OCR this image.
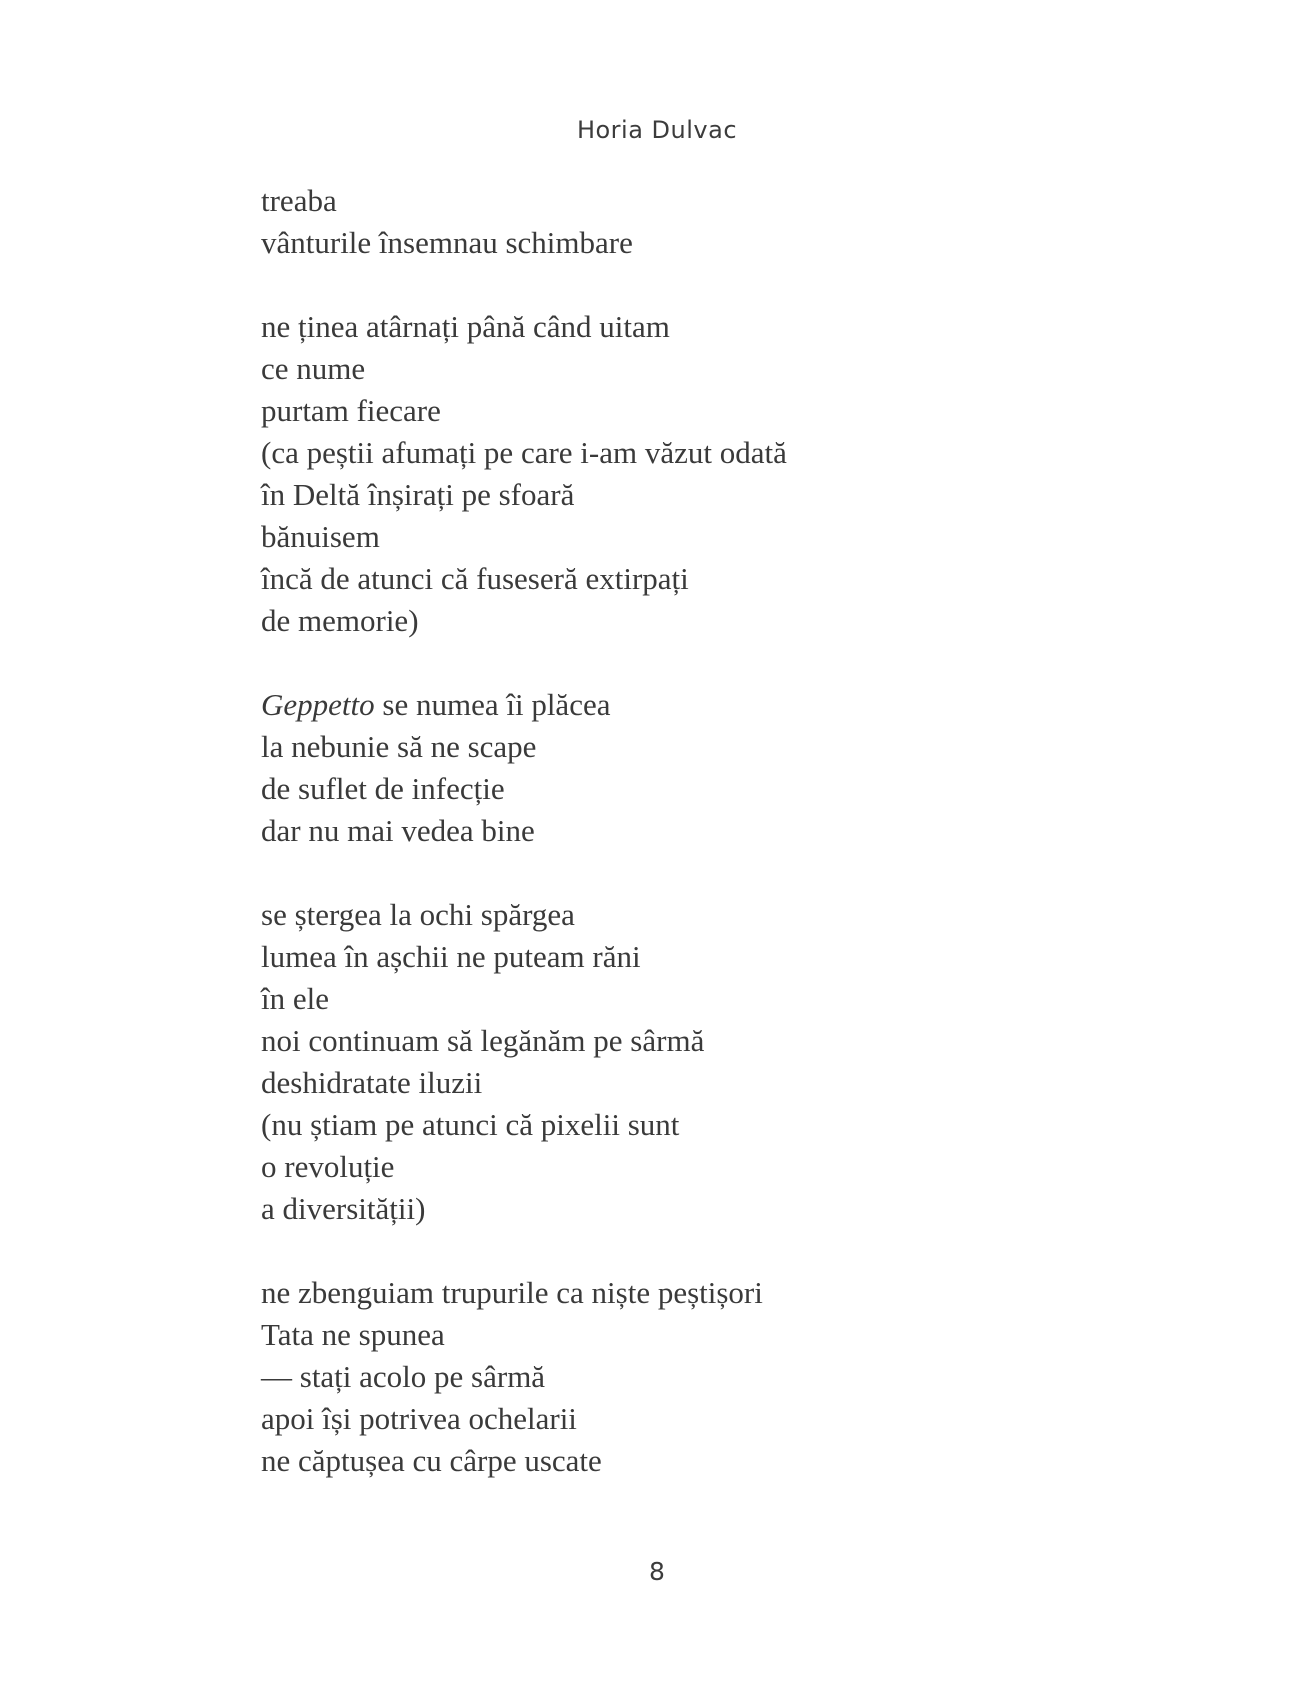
Horia Dulvac
treaba
vânturile însemnau schimbare
ne ținea atârnați până când uitam
ce nume
purtam fiecare
(ca peștii afumați pe care i-am văzut odată
în Deltă înșirați pe sfoară
bănuisem
încă de atunci că fuseseră extirpați
de memorie)
Geppetto se numea îi plăcea
la nebunie să ne scape
de suflet de infecție
dar nu mai vedea bine
se ștergea la ochi spărgea
lumea în așchii ne puteam răni
în ele
noi continuam să legănăm pe sârmă
deshidratate iluzii
(nu știam pe atunci că pixelii sunt
o revoluție
a diversității)
ne zbenguiam trupurile ca niște peștișori
Tata ne spunea
— stați acolo pe sârmă
apoi își potrivea ochelarii
ne căptușea cu cârpe uscate
8
